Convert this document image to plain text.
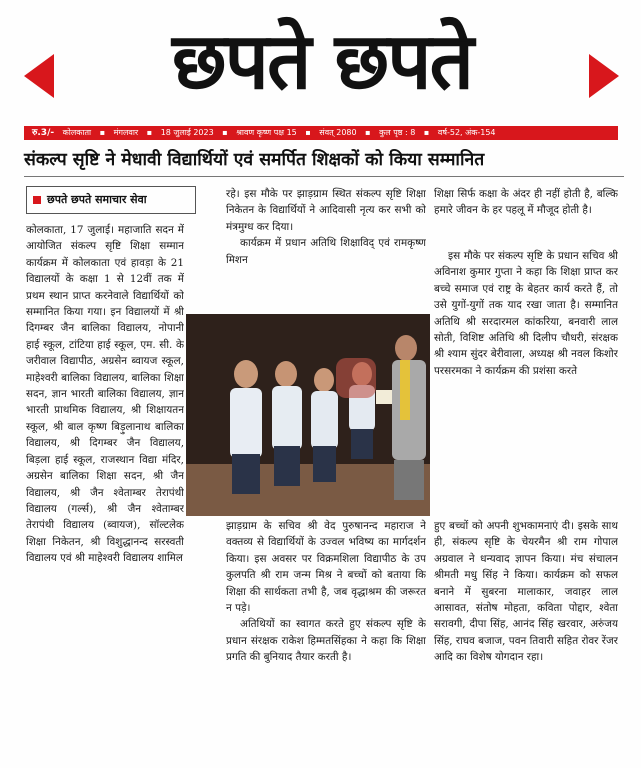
छपते छपते
रु.3/- कोलकाता ▪ मंगलवार ▪ 18 जुलाई 2023 ▪ श्रावण कृष्ण पक्ष 15 ▪ संवत् 2080 ▪ कुल पृष्ठ : 8 ▪ वर्ष-52, अंक-154
संकल्प सृष्टि ने मेधावी विद्यार्थियों एवं समर्पित शिक्षकों को किया सम्मानित
छपते छपते समाचार सेवा

कोलकाता, 17 जुलाई। महाजाति सदन में आयोजित संकल्प सृष्टि शिक्षा सम्मान कार्यक्रम में कोलकाता एवं हावड़ा के 21 विद्यालयों के कक्षा 1 से 12वीं तक में प्रथम स्थान प्राप्त करनेवाले विद्यार्थियों को सम्मानित किया गया। इन विद्यालयों में श्री दिगम्बर जैन बालिका विद्यालय, नोपानी हाई स्कूल, टांटिया हाई स्कूल, एम. सी. के जरीवाल विद्यापीठ, अग्रसेन ब्वायज स्कूल, माहेश्वरी बालिका विद्यालय, बालिका शिक्षा सदन, ज्ञान भारती बालिका विद्यालय, ज्ञान भारती प्राथमिक विद्यालय, श्री शिक्षायतन स्कूल, श्री बाल कृष्ण बिड़ुलानाथ बालिका विद्यालय, श्री दिगम्बर जैन विद्यालय, बिड़ला हाई स्कूल, राजस्थान विद्या मंदिर, अग्रसेन बालिका शिक्षा सदन, श्री जैन विद्यालय, श्री जैन श्वेताम्बर तेरापंथी विद्यालय (गर्ल्स), श्री जैन श्वेताम्बर तेरापंथी विद्यालय (ब्वायज), सॉल्टलेक शिक्षा निकेतन, श्री विशुद्धानन्द सरस्वती विद्यालय एवं श्री माहेश्वरी विद्यालय शामिल

रहे। इस मौके पर झाड़ग्राम स्थित संकल्प सृष्टि शिक्षा निकेतन के विद्यार्थियों ने आदिवासी नृत्य कर सभी को मंत्रमुग्ध कर दिया।

कार्यक्रम में प्रधान अतिथि शिक्षाविद् एवं रामकृष्ण मिशन

झाड़ग्राम के सचिव श्री वेद पुरुषानन्द महाराज ने वक्तव्य से विद्यार्थियों के उज्वल भविष्य का मार्गदर्शन किया। इस अवसर पर विक्रमशिला विद्यापीठ के उप कुलपति श्री राम जन्म मिश्र ने बच्चों को बताया कि शिक्षा की सार्थकता तभी है, जब वृद्धाश्रम की जरूरत न पड़े।

अतिथियों का स्वागत करते हुए संकल्प सृष्टि के प्रधान संरक्षक राकेश हिम्मतसिंहका ने कहा कि शिक्षा प्रगति की बुनियाद तैयार करती है।

शिक्षा सिर्फ कक्षा के अंदर ही नहीं होती है, बल्कि हमारे जीवन के हर पहलू में मौजूद होती है।

इस मौके पर संकल्प सृष्टि के प्रधान सचिव श्री अविनाश कुमार गुप्ता ने कहा कि शिक्षा प्राप्त कर बच्चे समाज एवं राष्ट्र के बेहतर कार्य करते हैं, तो उसे युगों-युगों तक याद रखा जाता है। सम्मानित अतिथि श्री सरदारमल कांकरिया, बनवारी लाल सोती, विशिष्ट अतिथि श्री दिलीप चौधरी, संरक्षक श्री श्याम सुंदर बेरीवाला, अध्यक्ष श्री नवल किशोर परसरमका ने कार्यक्रम की प्रशंसा करते

हुए बच्चों को अपनी शुभकामनाएं दी। इसके साथ ही, संकल्प सृष्टि के चेयरमैन श्री राम गोपाल अग्रवाल ने धन्यवाद ज्ञापन किया। मंच संचालन श्रीमती मधु सिंह ने किया। कार्यक्रम को सफल बनाने में सुबरना मालाकार, जवाहर लाल आसावत, संतोष मोहता, कविता पोद्दार, श्वेता सरावगी, दीपा सिंह, आनंद सिंह खरवार, अरुंजय सिंह, राघव बजाज, पवन तिवारी सहित रोवर रेंजर आदि का विशेष योगदान रहा।
